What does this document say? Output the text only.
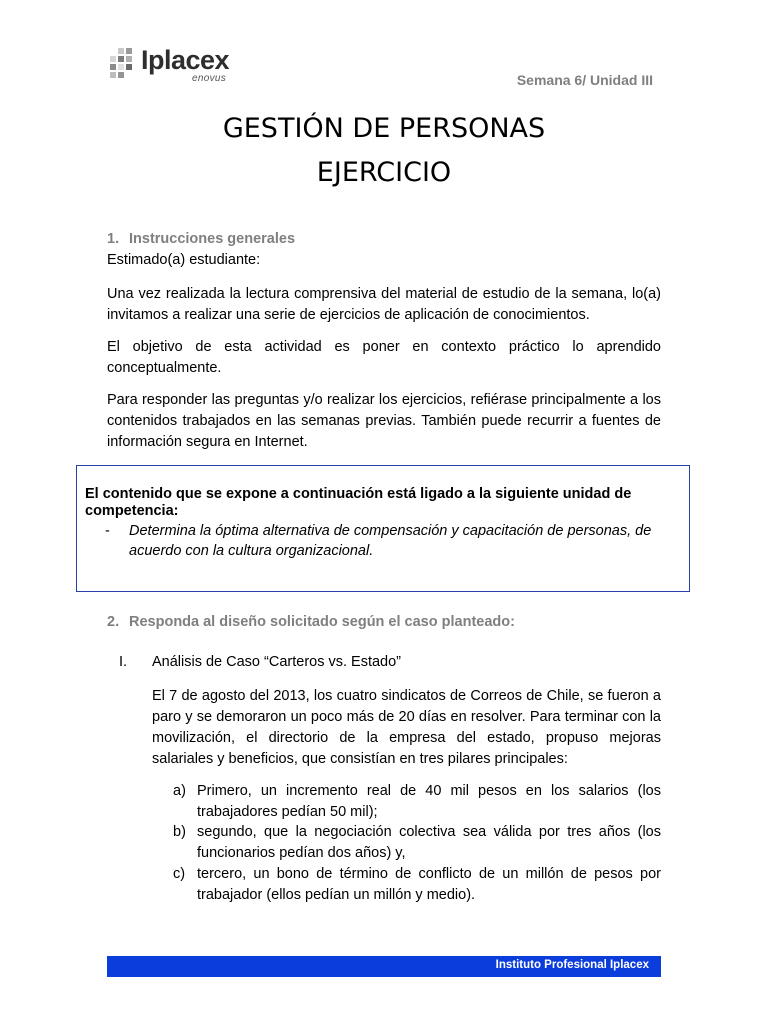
Iplacex
enovus	Semana 6/ Unidad III
GESTIÓN DE PERSONAS
EJERCICIO
1. Instrucciones generales
Estimado(a) estudiante:
Una vez realizada la lectura comprensiva del material de estudio de la semana, lo(a) invitamos a realizar una serie de ejercicios de aplicación de conocimientos.
El objetivo de esta actividad es poner en contexto práctico lo aprendido conceptualmente.
Para responder las preguntas y/o realizar los ejercicios, refiérase principalmente a los contenidos trabajados en las semanas previas. También puede recurrir a fuentes de información segura en Internet.
El contenido que se expone a continuación está ligado a la siguiente unidad de competencia:
- Determina la óptima alternativa de compensación y capacitación de personas, de acuerdo con la cultura organizacional.
2. Responda al diseño solicitado según el caso planteado:
I. Análisis de Caso “Carteros vs. Estado”
El 7 de agosto del 2013, los cuatro sindicatos de Correos de Chile, se fueron a paro y se demoraron un poco más de 20 días en resolver. Para terminar con la movilización, el directorio de la empresa del estado, propuso mejoras salariales y beneficios, que consistían en tres pilares principales:
a) Primero, un incremento real de 40 mil pesos en los salarios (los trabajadores pedían 50 mil);
b) segundo, que la negociación colectiva sea válida por tres años (los funcionarios pedían dos años) y,
c) tercero, un bono de término de conflicto de un millón de pesos por trabajador (ellos pedían un millón y medio).
Instituto Profesional Iplacex
